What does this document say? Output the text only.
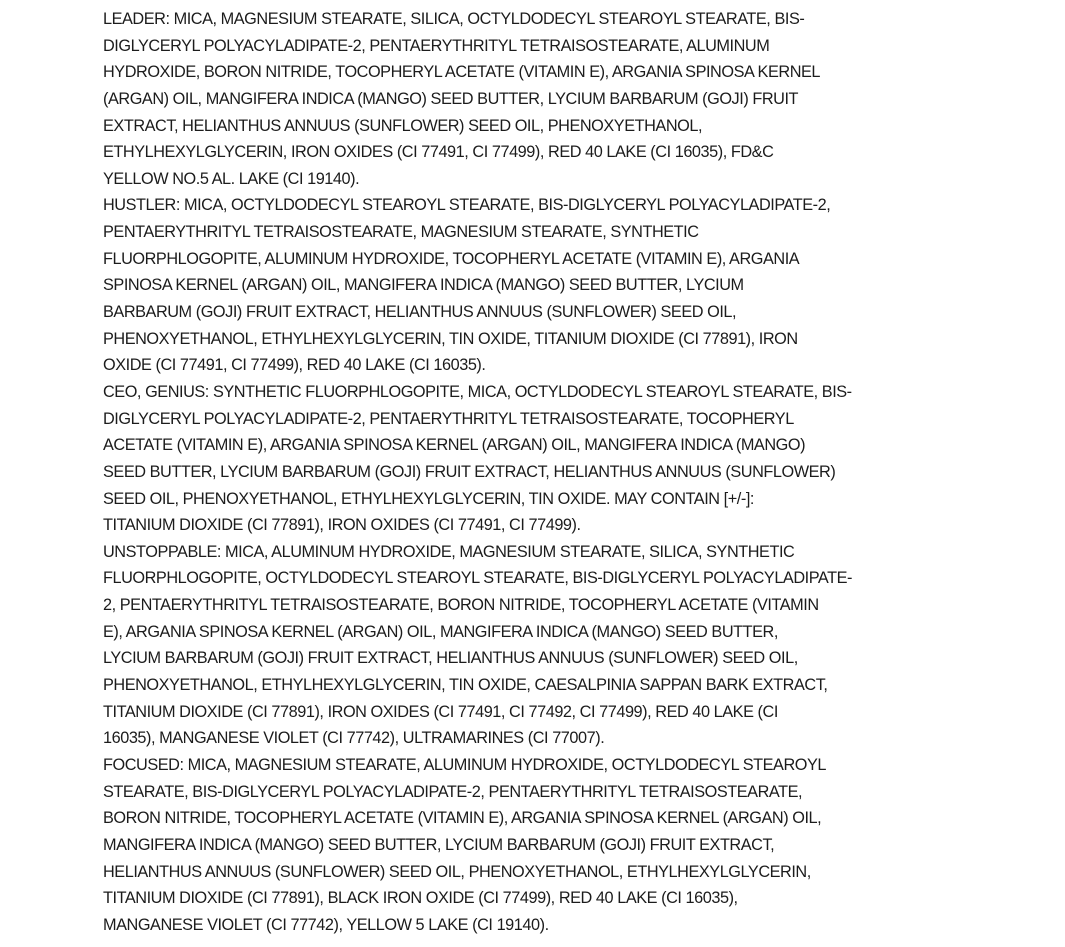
LEADER: MICA, MAGNESIUM STEARATE, SILICA, OCTYLDODECYL STEAROYL STEARATE, BIS-
DIGLYCERYL POLYACYLADIPATE-2, PENTAERYTHRITYL TETRAISOSTEARATE, ALUMINUM
HYDROXIDE, BORON NITRIDE, TOCOPHERYL ACETATE (VITAMIN E), ARGANIA SPINOSA KERNEL
(ARGAN) OIL, MANGIFERA INDICA (MANGO) SEED BUTTER, LYCIUM BARBARUM (GOJI) FRUIT
EXTRACT, HELIANTHUS ANNUUS (SUNFLOWER) SEED OIL, PHENOXYETHANOL,
ETHYLHEXYLGLYCERIN, IRON OXIDES (CI 77491, CI 77499), RED 40 LAKE (CI 16035), FD&C
YELLOW NO.5 AL. LAKE (CI 19140).
HUSTLER: MICA, OCTYLDODECYL STEAROYL STEARATE, BIS-DIGLYCERYL POLYACYLADIPATE-2,
PENTAERYTHRITYL TETRAISOSTEARATE, MAGNESIUM STEARATE, SYNTHETIC
FLUORPHLOGOPITE, ALUMINUM HYDROXIDE, TOCOPHERYL ACETATE (VITAMIN E), ARGANIA
SPINOSA KERNEL (ARGAN) OIL, MANGIFERA INDICA (MANGO) SEED BUTTER, LYCIUM
BARBARUM (GOJI) FRUIT EXTRACT, HELIANTHUS ANNUUS (SUNFLOWER) SEED OIL,
PHENOXYETHANOL, ETHYLHEXYLGLYCERIN, TIN OXIDE, TITANIUM DIOXIDE (CI 77891), IRON
OXIDE (CI 77491, CI 77499), RED 40 LAKE (CI 16035).
CEO, GENIUS: SYNTHETIC FLUORPHLOGOPITE, MICA, OCTYLDODECYL STEAROYL STEARATE, BIS-
DIGLYCERYL POLYACYLADIPATE-2, PENTAERYTHRITYL TETRAISOSTEARATE, TOCOPHERYL
ACETATE (VITAMIN E), ARGANIA SPINOSA KERNEL (ARGAN) OIL, MANGIFERA INDICA (MANGO)
SEED BUTTER, LYCIUM BARBARUM (GOJI) FRUIT EXTRACT, HELIANTHUS ANNUUS (SUNFLOWER)
SEED OIL, PHENOXYETHANOL, ETHYLHEXYLGLYCERIN, TIN OXIDE. MAY CONTAIN [+/-]:
TITANIUM DIOXIDE (CI 77891), IRON OXIDES (CI 77491, CI 77499).
UNSTOPPABLE: MICA, ALUMINUM HYDROXIDE, MAGNESIUM STEARATE, SILICA, SYNTHETIC
FLUORPHLOGOPITE, OCTYLDODECYL STEAROYL STEARATE, BIS-DIGLYCERYL POLYACYLADIPATE-
2, PENTAERYTHRITYL TETRAISOSTEARATE, BORON NITRIDE, TOCOPHERYL ACETATE (VITAMIN
E), ARGANIA SPINOSA KERNEL (ARGAN) OIL, MANGIFERA INDICA (MANGO) SEED BUTTER,
LYCIUM BARBARUM (GOJI) FRUIT EXTRACT, HELIANTHUS ANNUUS (SUNFLOWER) SEED OIL,
PHENOXYETHANOL, ETHYLHEXYLGLYCERIN, TIN OXIDE, CAESALPINIA SAPPAN BARK EXTRACT,
TITANIUM DIOXIDE (CI 77891), IRON OXIDES (CI 77491, CI 77492, CI 77499), RED 40 LAKE (CI
16035), MANGANESE VIOLET (CI 77742), ULTRAMARINES (CI 77007).
FOCUSED: MICA, MAGNESIUM STEARATE, ALUMINUM HYDROXIDE, OCTYLDODECYL STEAROYL
STEARATE, BIS-DIGLYCERYL POLYACYLADIPATE-2, PENTAERYTHRITYL TETRAISOSTEARATE,
BORON NITRIDE, TOCOPHERYL ACETATE (VITAMIN E), ARGANIA SPINOSA KERNEL (ARGAN) OIL,
MANGIFERA INDICA (MANGO) SEED BUTTER, LYCIUM BARBARUM (GOJI) FRUIT EXTRACT,
HELIANTHUS ANNUUS (SUNFLOWER) SEED OIL, PHENOXYETHANOL, ETHYLHEXYLGLYCERIN,
TITANIUM DIOXIDE (CI 77891), BLACK IRON OXIDE (CI 77499), RED 40 LAKE (CI 16035),
MANGANESE VIOLET (CI 77742), YELLOW 5 LAKE (CI 19140).
